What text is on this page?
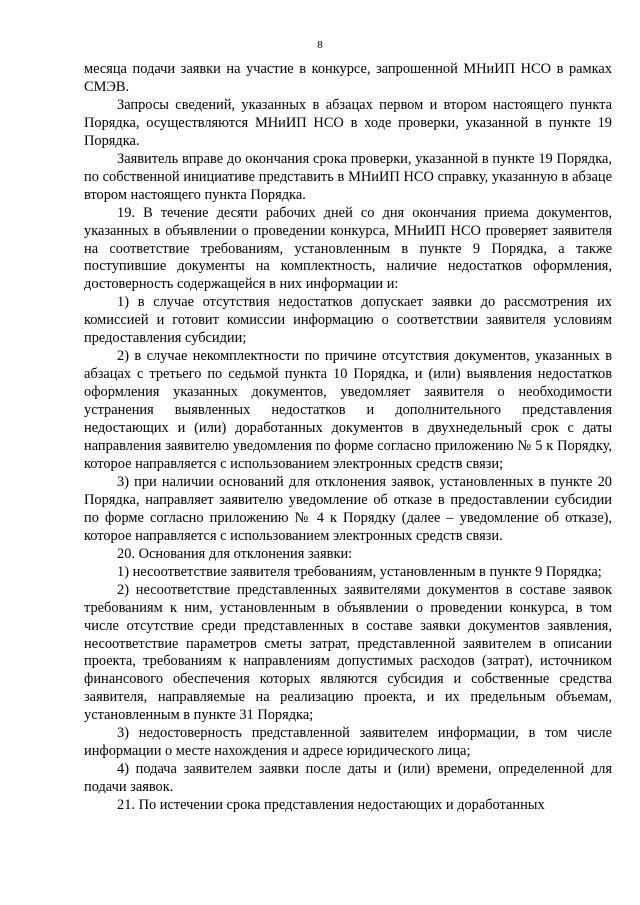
8

месяца подачи заявки на участие в конкурсе, запрошенной МНиИП НСО в рамках СМЭВ.

Запросы сведений, указанных в абзацах первом и втором настоящего пункта Порядка, осуществляются МНиИП НСО в ходе проверки, указанной в пункте 19 Порядка.

Заявитель вправе до окончания срока проверки, указанной в пункте 19 Порядка, по собственной инициативе представить в МНиИП НСО справку, указанную в абзаце втором настоящего пункта Порядка.

19. В течение десяти рабочих дней со дня окончания приема документов, указанных в объявлении о проведении конкурса, МНиИП НСО проверяет заявителя на соответствие требованиям, установленным в пункте 9 Порядка, а также поступившие документы на комплектность, наличие недостатков оформления, достоверность содержащейся в них информации и:

1) в случае отсутствия недостатков допускает заявки до рассмотрения их комиссией и готовит комиссии информацию о соответствии заявителя условиям предоставления субсидии;

2) в случае некомплектности по причине отсутствия документов, указанных в абзацах с третьего по седьмой пункта 10 Порядка, и (или) выявления недостатков оформления указанных документов, уведомляет заявителя о необходимости устранения выявленных недостатков и дополнительного представления недостающих и (или) доработанных документов в двухнедельный срок с даты направления заявителю уведомления по форме согласно приложению № 5 к Порядку, которое направляется с использованием электронных средств связи;

3) при наличии оснований для отклонения заявок, установленных в пункте 20 Порядка, направляет заявителю уведомление об отказе в предоставлении субсидии по форме согласно приложению № 4 к Порядку (далее – уведомление об отказе), которое направляется с использованием электронных средств связи.

20. Основания для отклонения заявки:

1) несоответствие заявителя требованиям, установленным в пункте 9 Порядка;

2) несоответствие представленных заявителями документов в составе заявок требованиям к ним, установленным в объявлении о проведении конкурса, в том числе отсутствие среди представленных в составе заявки документов заявления, несоответствие параметров сметы затрат, представленной заявителем в описании проекта, требованиям к направлениям допустимых расходов (затрат), источником финансового обеспечения которых являются субсидия и собственные средства заявителя, направляемые на реализацию проекта, и их предельным объемам, установленным в пункте 31 Порядка;

3) недостоверность представленной заявителем информации, в том числе информации о месте нахождения и адресе юридического лица;

4) подача заявителем заявки после даты и (или) времени, определенной для подачи заявок.

21. По истечении срока представления недостающих и доработанных
